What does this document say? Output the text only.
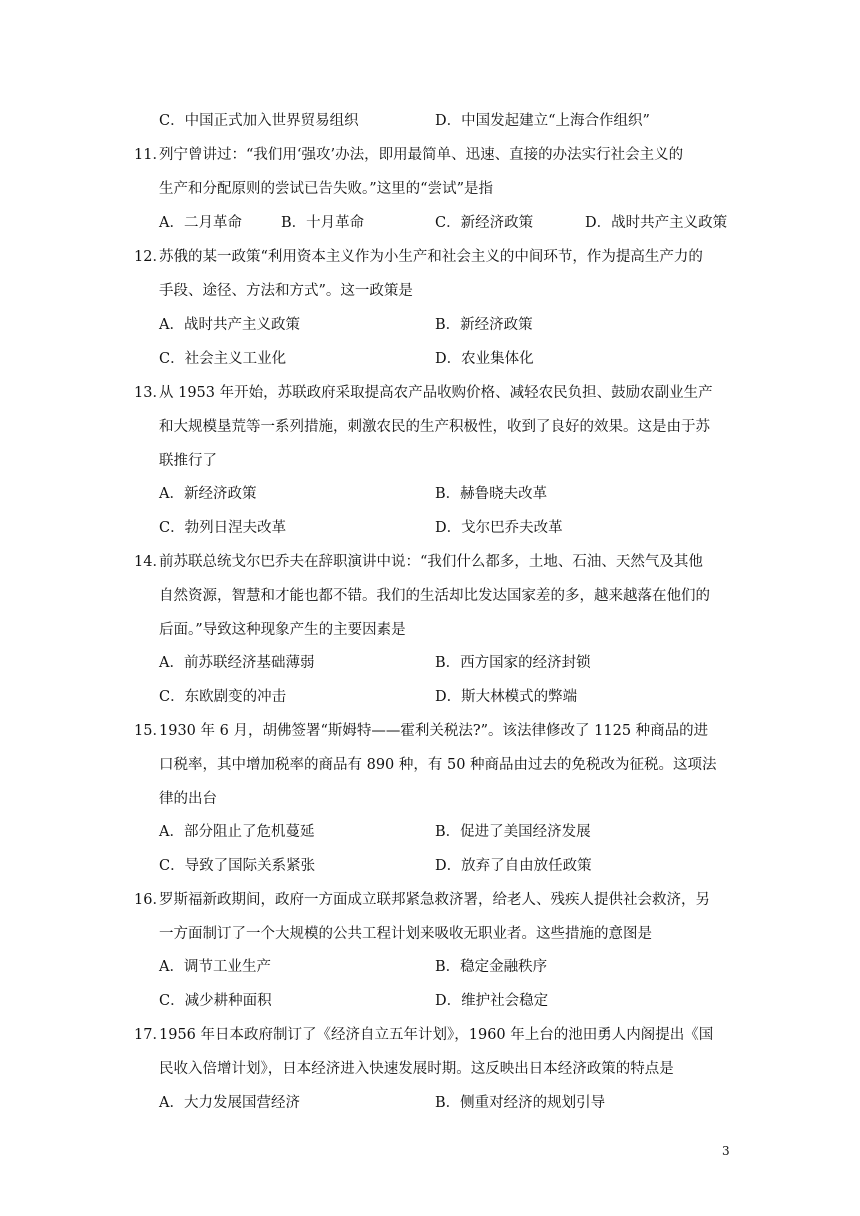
C．中国正式加入世界贸易组织	D．中国发起建立“上海合作组织”
11．
列宁曾讲过：“我们用‘强攻’办法，即用最简单、迅速、直接的办法实行社会主义的
生产和分配原则的尝试已告失败。”这里的“尝试”是指
A．二月革命	B．十月革命	C．新经济政策	D．战时共产主义政策
12．
苏俄的某一政策“利用资本主义作为小生产和社会主义的中间环节，作为提高生产力的
手段、途径、方法和方式”。这一政策是
A．战时共产主义政策	B．新经济政策
C．社会主义工业化	D．农业集体化
13．
从 1953 年开始，苏联政府采取提高农产品收购价格、减轻农民负担、鼓励农副业生产
和大规模垦荒等一系列措施，刺激农民的生产积极性，收到了良好的效果。这是由于苏
联推行了
A．新经济政策	B．赫鲁晓夫改革
C．勃列日涅夫改革	D．戈尔巴乔夫改革
14．
前苏联总统戈尔巴乔夫在辞职演讲中说：“我们什么都多，土地、石油、天然气及其他
自然资源，智慧和才能也都不错。我们的生活却比发达国家差的多，越来越落在他们的
后面。”导致这种现象产生的主要因素是
A．前苏联经济基础薄弱	B．西方国家的经济封锁
C．东欧剧变的冲击	D．斯大林模式的弊端
15．
1930 年 6 月，胡佛签署“斯姆特——霍利关税法?”。该法律修改了 1125 种商品的进
口税率，其中增加税率的商品有 890 种，有 50 种商品由过去的免税改为征税。这项法
律的出台
A．部分阻止了危机蔓延	B．促进了美国经济发展
C．导致了国际关系紧张	D．放弃了自由放任政策
16．
罗斯福新政期间，政府一方面成立联邦紧急救济署，给老人、残疾人提供社会救济，另
一方面制订了一个大规模的公共工程计划来吸收无职业者。这些措施的意图是
A．调节工业生产	B．稳定金融秩序
C．减少耕种面积	D．维护社会稳定
17．
1956 年日本政府制订了《经济自立五年计划》，1960 年上台的池田勇人内阁提出《国
民收入倍增计划》，日本经济进入快速发展时期。这反映出日本经济政策的特点是
A．大力发展国营经济	B．侧重对经济的规划引导
3
